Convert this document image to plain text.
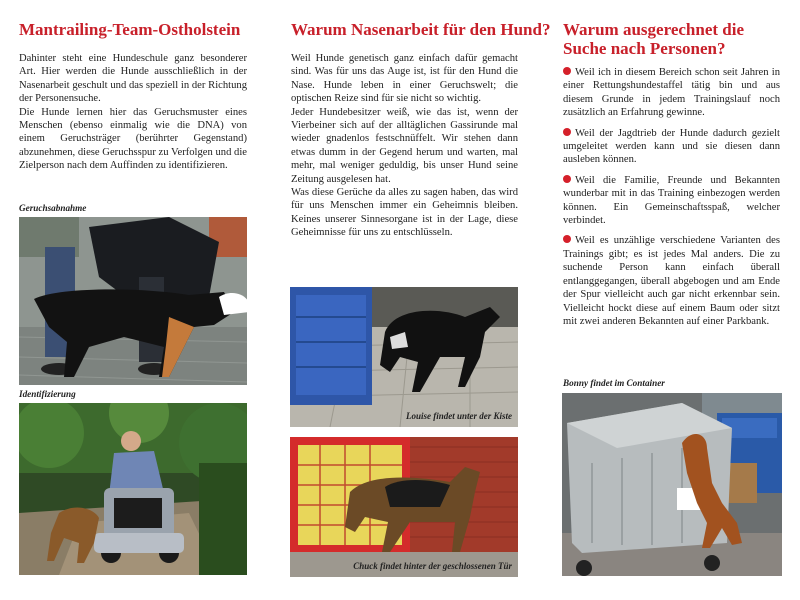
Mantrailing-Team-Ostholstein

Dahinter steht eine Hundeschule ganz besonderer Art. Hier werden die Hunde ausschließlich in der Nasenarbeit geschult und das speziell in der Richtung der Personensuche.

Die Hunde lernen hier das Geruchsmuster eines Menschen (ebenso einmalig wie die DNA) von einem Geruchsträger (berührter Gegenstand) abzunehmen, diese Geruchsspur zu Verfolgen und die Zielperson nach dem Auffinden zu identifizieren.

Geruchsabnahme
Identifizierung
Warum Nasenarbeit für den Hund?

Weil Hunde genetisch ganz einfach dafür gemacht sind. Was für uns das Auge ist, ist für den Hund die Nase. Hunde leben in einer Geruchswelt; die optischen Reize sind für sie nicht so wichtig.

Jeder Hundebesitzer weiß, wie das ist, wenn der Vierbeiner sich auf der alltäglichen Gassirunde mal wieder gnadenlos festschnüffelt. Wir stehen dann etwas dumm in der Gegend herum und warten, mal mehr, mal weniger geduldig, bis unser Hund seine Zeitung ausgelesen hat.

Was diese Gerüche da alles zu sagen haben, das wird für uns Menschen immer ein Geheimnis bleiben. Keines unserer Sinnesorgane ist in der Lage, diese Geheimnisse für uns zu entschlüsseln.

Louise findet unter der Kiste
Chuck findet hinter der geschlossenen Tür
Warum ausgerechnet die Suche nach Personen?

Weil ich in diesem Bereich schon seit Jahren in einer Rettungshundestaffel tätig bin und aus diesem Grunde in jedem Trainingslauf noch zusätzlich an Erfahrung gewinne.

Weil der Jagdtrieb der Hunde dadurch gezielt umgeleitet werden kann und sie diesen dann ausleben können.

Weil die Familie, Freunde und Bekannten wunderbar mit in das Training einbezogen werden können. Ein Gemeinschaftsspaß, welcher verbindet.

Weil es unzählige verschiedene Varianten des Trainings gibt; es ist jedes Mal anders. Die zu suchende Person kann einfach überall entlanggegangen, überall abgebogen und am Ende der Spur vielleicht auch gar nicht erkennbar sein. Vielleicht hockt diese auf einem Baum oder sitzt mit zwei anderen Bekannten auf einer Parkbank.

Bonny findet im Container
